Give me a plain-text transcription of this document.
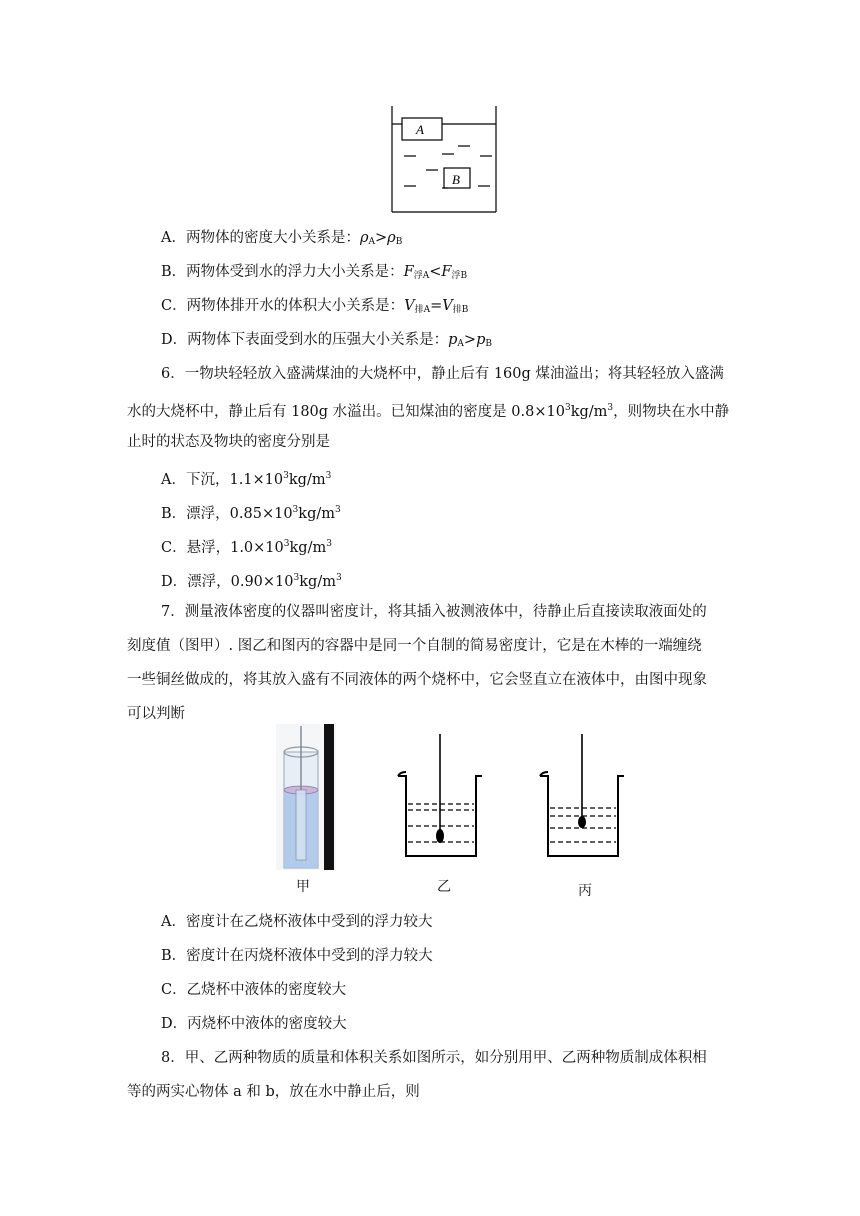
A
B
A．两物体的密度大小关系是：$\rho_A>\rho_B$
B．两物体受到水的浮力大小关系是：$F_{浮A}<F_{浮B}$
C．两物体排开水的体积大小关系是：$V_{排A}=V_{排B}$
D．两物体下表面受到水的压强大小关系是：$p_A>p_B$
6．一物块轻轻放入盛满煤油的大烧杯中，静止后有 160g 煤油溢出；将其轻轻放入盛满
水的大烧杯中，静止后有 180g 水溢出。已知煤油的密度是 $0.8\times 10^3kg/m^3$，则物块在水中静
止时的状态及物块的密度分别是
A．下沉，$1.1\times 10^3kg/m^3$
B．漂浮，$0.85\times 10^3kg/m^3$
C．悬浮，$1.0\times 10^3kg/m^3$
D．漂浮，$0.90\times 10^3kg/m^3$
7．测量液体密度的仪器叫密度计，将其插入被测液体中，待静止后直接读取液面处的
刻度值（图甲）. 图乙和图丙的容器中是同一个自制的简易密度计，它是在木棒的一端缠绕
一些铜丝做成的，将其放入盛有不同液体的两个烧杯中，它会竖直立在液体中，由图中现象
可以判断
甲	乙	丙
A．密度计在乙烧杯液体中受到的浮力较大
B．密度计在丙烧杯液体中受到的浮力较大
C．乙烧杯中液体的密度较大
D．丙烧杯中液体的密度较大
8．甲、乙两种物质的质量和体积关系如图所示，如分别用甲、乙两种物质制成体积相
等的两实心物体 a 和 b，放在水中静止后，则
